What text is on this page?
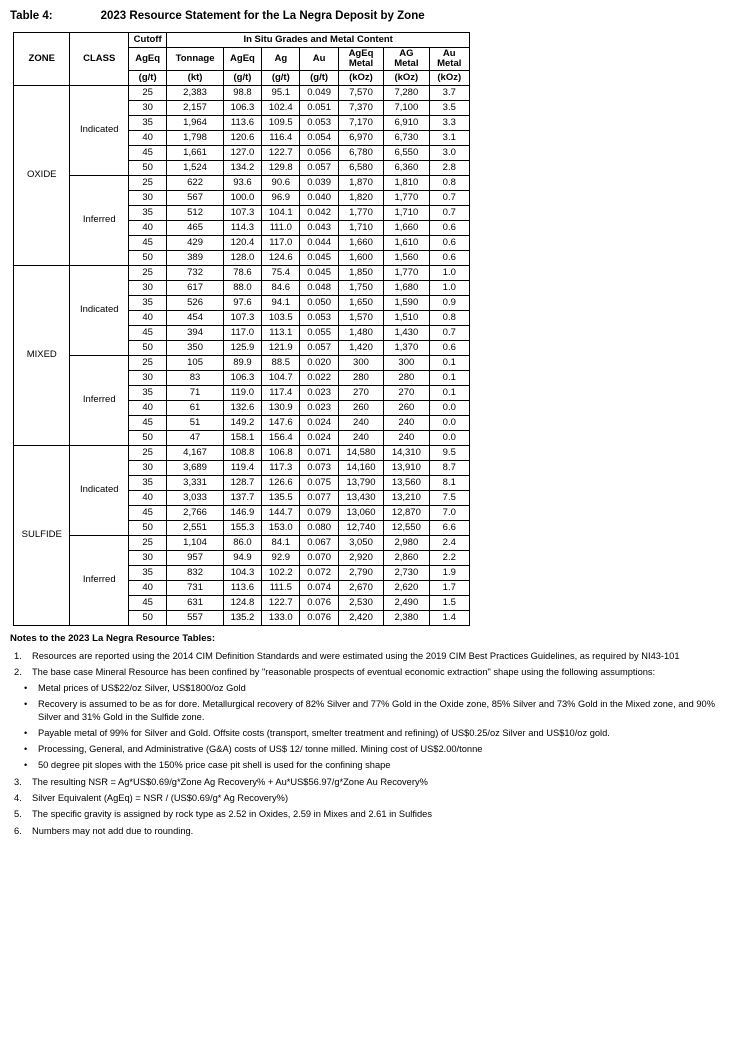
Table 4:	2023 Resource Statement for the La Negra Deposit by Zone
ZONE	CLASS	Cutoff	In Situ Grades and Metal Content						
		AgEq	Tonnage	AgEq	Ag	Au	AgEq Metal	AG Metal	Au Metal
		(g/t)	(kt)	(g/t)	(g/t)	(g/t)	(kOz)	(kOz)	(kOz)
OXIDE	Indicated	25	2,383	98.8	95.1	0.049	7,570	7,280	3.7
		30	2,157	106.3	102.4	0.051	7,370	7,100	3.5
		35	1,964	113.6	109.5	0.053	7,170	6,910	3.3
		40	1,798	120.6	116.4	0.054	6,970	6,730	3.1
		45	1,661	127.0	122.7	0.056	6,780	6,550	3.0
		50	1,524	134.2	129.8	0.057	6,580	6,360	2.8
	Inferred	25	622	93.6	90.6	0.039	1,870	1,810	0.8
		30	567	100.0	96.9	0.040	1,820	1,770	0.7
		35	512	107.3	104.1	0.042	1,770	1,710	0.7
		40	465	114.3	111.0	0.043	1,710	1,660	0.6
		45	429	120.4	117.0	0.044	1,660	1,610	0.6
		50	389	128.0	124.6	0.045	1,600	1,560	0.6
MIXED	Indicated	25	732	78.6	75.4	0.045	1,850	1,770	1.0
		30	617	88.0	84.6	0.048	1,750	1,680	1.0
		35	526	97.6	94.1	0.050	1,650	1,590	0.9
		40	454	107.3	103.5	0.053	1,570	1,510	0.8
		45	394	117.0	113.1	0.055	1,480	1,430	0.7
		50	350	125.9	121.9	0.057	1,420	1,370	0.6
	Inferred	25	105	89.9	88.5	0.020	300	300	0.1
		30	83	106.3	104.7	0.022	280	280	0.1
		35	71	119.0	117.4	0.023	270	270	0.1
		40	61	132.6	130.9	0.023	260	260	0.0
		45	51	149.2	147.6	0.024	240	240	0.0
		50	47	158.1	156.4	0.024	240	240	0.0
SULFIDE	Indicated	25	4,167	108.8	106.8	0.071	14,580	14,310	9.5
		30	3,689	119.4	117.3	0.073	14,160	13,910	8.7
		35	3,331	128.7	126.6	0.075	13,790	13,560	8.1
		40	3,033	137.7	135.5	0.077	13,430	13,210	7.5
		45	2,766	146.9	144.7	0.079	13,060	12,870	7.0
		50	2,551	155.3	153.0	0.080	12,740	12,550	6.6
	Inferred	25	1,104	86.0	84.1	0.067	3,050	2,980	2.4
		30	957	94.9	92.9	0.070	2,920	2,860	2.2
		35	832	104.3	102.2	0.072	2,790	2,730	1.9
		40	731	113.6	111.5	0.074	2,670	2,620	1.7
		45	631	124.8	122.7	0.076	2,530	2,490	1.5
		50	557	135.2	133.0	0.076	2,420	2,380	1.4
Notes to the 2023 La Negra Resource Tables:
1.	Resources are reported using the 2014 CIM Definition Standards and were estimated using the 2019 CIM Best Practices Guidelines, as required by NI43-101
2.	The base case Mineral Resource has been confined by "reasonable prospects of eventual economic extraction" shape using the following assumptions:
•	Metal prices of US$22/oz Silver, US$1800/oz Gold
•	Recovery is assumed to be as for dore. Metallurgical recovery of 82% Silver and 77% Gold in the Oxide zone, 85% Silver and 73% Gold in the Mixed zone, and 90% Silver and 31% Gold in the Sulfide zone.
•	Payable metal of 99% for Silver and Gold. Offsite costs (transport, smelter treatment and refining) of US$0.25/oz Silver and US$10/oz gold.
•	Processing, General, and Administrative (G&A) costs of US$ 12/ tonne milled. Mining cost of US$2.00/tonne
•	50 degree pit slopes with the 150% price case pit shell is used for the confining shape
3.	The resulting NSR = Ag*US$0.69/g*Zone Ag Recovery% + Au*US$56.97/g*Zone Au Recovery%
4.	Silver Equivalent (AgEq) = NSR / (US$0.69/g* Ag Recovery%)
5.	The specific gravity is assigned by rock type as 2.52 in Oxides, 2.59 in Mixes and 2.61 in Sulfides
6.	Numbers may not add due to rounding.
